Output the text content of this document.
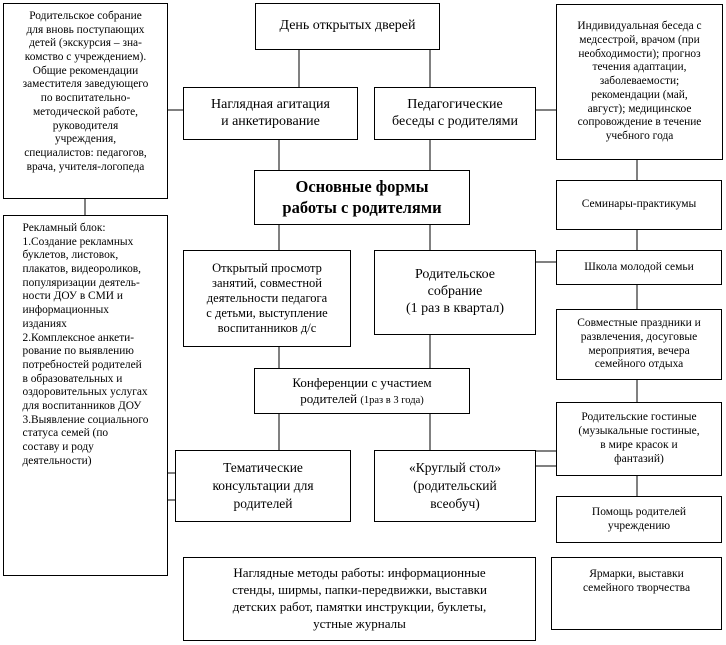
День открытых дверей
Родительское собрание
для вновь поступающих
детей (экскурсия – зна-
комство с учреждением).
Общие рекомендации
заместителя заведующего
по воспитательно-
методической работе,
руководителя
учреждения,
специалистов: педагогов,
врача, учителя-логопеда
Индивидуальная беседа с
медсестрой, врачом (при
необходимости); прогноз
течения адаптации,
заболеваемости;
рекомендации (май,
август); медицинское
сопровождение в течение
учебного года
Наглядная агитация
и анкетирование
Педагогические
беседы с родителями
Основные формы
работы с родителями	Семинары-практикумы
Рекламный блок:
1.Создание рекламных
буклетов, листовок,
плакатов, видеороликов,
популяризации деятель-
ности ДОУ в СМИ и
информационных
изданиях
2.Комплексное анкети-
рование по выявлению
потребностей родителей
в образовательных и
оздоровительных услугах
для воспитанников ДОУ
3.Выявление социального
статуса семей (по
составу и роду
деятельности)
Открытый просмотр
занятий, совместной
деятельности педагога
с детьми, выступление
воспитанников д/с
Родительское
собрание
(1 раз в квартал)
Школа молодой семьи
Совместные праздники и
развлечения, досуговые
мероприятия, вечера
семейного отдыха
Конференции с участием
родителей (1раз в 3 года)
Родительские гостиные
(музыкальные гостиные,
в мире красок и
фантазий)
Тематические
консультации для
родителей
«Круглый стол»
(родительский
всеобуч)
Помощь родителей
учреждению
Наглядные методы работы: информационные
стенды, ширмы, папки-передвижки, выставки
детских работ, памятки инструкции, буклеты,
устные журналы
Ярмарки, выставки
семейного творчества
